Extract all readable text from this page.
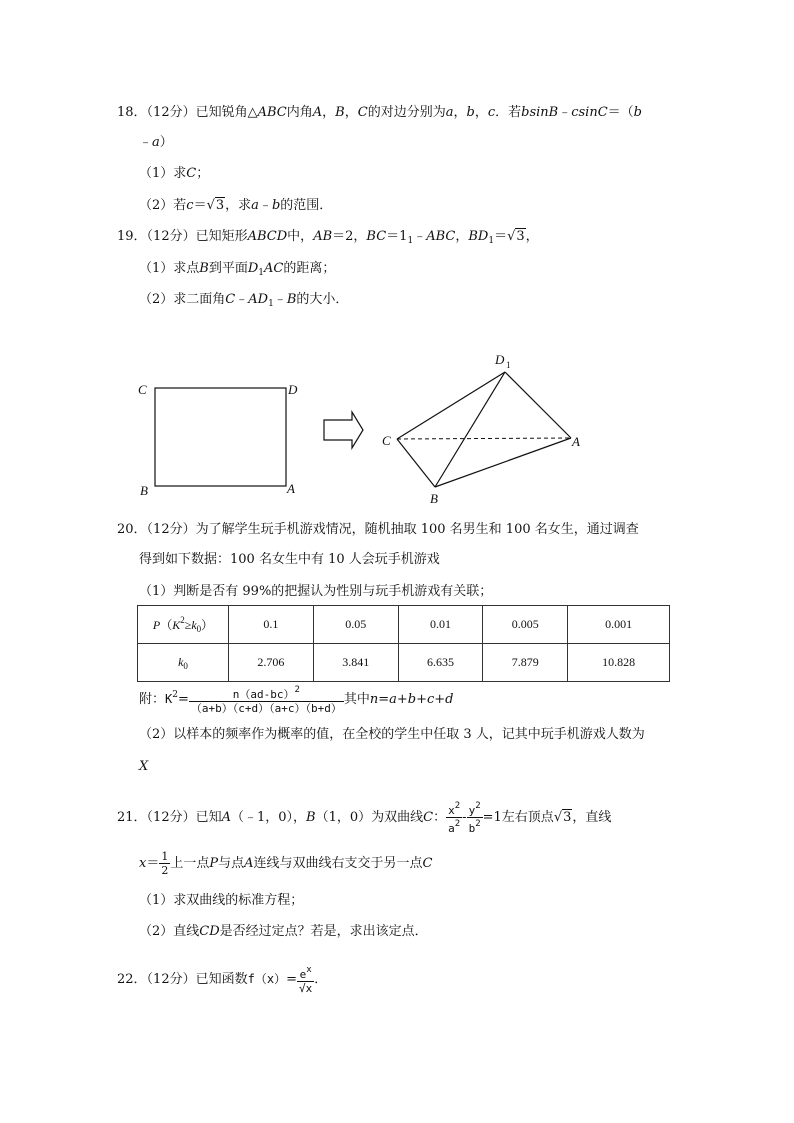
18．（12分）已知锐角△ABC内角A，B，C的对边分别为a，b，c．若bsinB﹣csinC＝（b
﹣a）
（1）求C；
（2）若c＝√3，求a﹣b的范围．
19．（12分）已知矩形ABCD中，AB＝2，$BC=1_1﹣ABC$，$BD_1=√3$，
（1）求点B到平面$D_1AC$的距离；
（2）求二面角$C﹣AD_1﹣B$的大小．
C	D
B	A
D 1
C	A
B
20．（12分）为了解学生玩手机游戏情况，随机抽取 100 名男生和 100 名女生，通过调查
得到如下数据：100 名女生中有 10 人会玩手机游戏
（1）判断是否有 99%的把握认为性别与玩手机游戏有关联；
$P(K^2\ge k_0)$	0.1	0.05	0.01	0.005	0.001
$k_0$	2.706	3.841	6.635	7.879	10.828
附：$K^2= \frac{n(ad-bc)^2}{(a+b)(c+d)(a+c)(b+d)}$ 其中n=a+b+c+d
（2）以样本的频率作为概率的值，在全校的学生中任取 3 人，记其中玩手机游戏人数为
X
21．（12分）已知A（﹣1，0），B（1，0）为双曲线C： $\frac{x^2}{a^2} - \frac{y^2}{b^2} =1$左右顶点√3，直线
$x= \frac{1}{2}$ 上一点P与点A连线与双曲线右支交于另一点C
（1）求双曲线的标准方程；
（2）直线CD是否经过定点？若是，求出该定点．
22．（12分）已知函数$f(x)= \frac{e^x}{√x}$ ．
